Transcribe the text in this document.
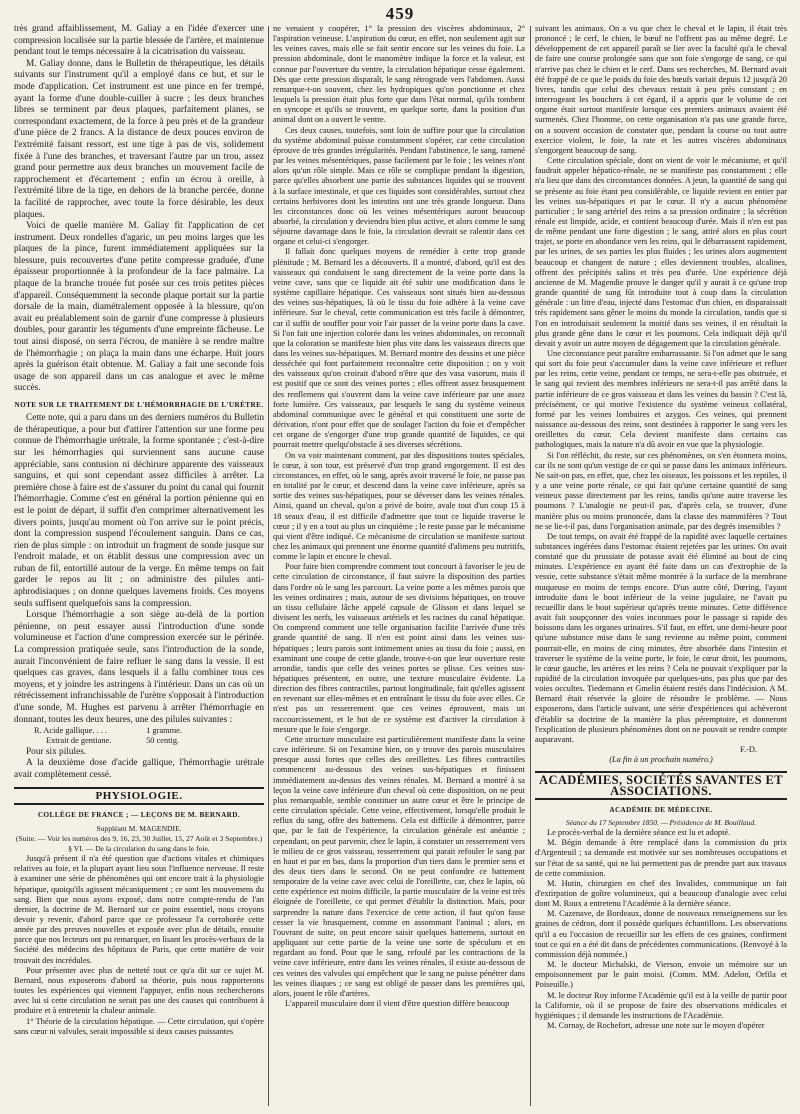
459

très grand affaiblissement, M. Galiay a en l'idée d'exercer une compression localisée sur la partie blessée de l'artère, et maintenue pendant tout le temps nécessaire à la cicatrisation du vaisseau.

M. Galiay donne, dans le Bulletin de thérapeutique, les détails suivants sur l'instrument qu'il a employé dans ce but, et sur le mode d'application. Cet instrument est une pince en fer trempé, ayant la forme d'une double-cuiller à sucre ; les deux branches libres se terminent par deux plaques, parfaitement planes, se correspondant exactement, de la force à peu près et de la grandeur d'une pièce de 2 francs. A la distance de deux pouces environ de l'extrémité faisant ressort, est une tige à pas de vis, solidement fixée à l'une des branches, et traversant l'autre par un trou, assez grand pour permettre aux deux branches un mouvement facile de rapprochement et d'écartement ; enfin un écrou à oreille, à l'extrémité libre de la tige, en dehors de la branche percée, donne la facilité de rapprocher, avec toute la force désirable, les deux plaques.

Voici de quelle manière M. Galiay fit l'application de cet instrument. Deux rondelles d'agaric, un peu moins larges que les plaques de la pince, furent immédiatement appliquées sur la blessure, puis recouvertes d'une petite compresse graduée, d'une épaisseur proportionnée à la profondeur de la face palmaire. La plaque de la branche trouée fut posée sur ces trois petites pièces d'appareil. Conséquemment la seconde plaque portait sur la partie dorsale de la main, diamétralement opposée à la blessure, qu'on avait eu préalablement soin de garnir d'une compresse à plusieurs doubles, pour garantir les téguments d'une empreinte fâcheuse. Le tout ainsi disposé, on serra l'écrou, de manière à se rendre maître de l'hémorrhagie ; on plaça la main dans une écharpe. Huit jours après la guérison était obtenue. M. Galiay a fait une seconde fois usage de son appareil dans un cas analogue et avec le même succès.

NOTE SUR LE TRAITEMENT DE L'HÉMORRHAGIE DE L'URÈTRE.

Cette note, qui a paru dans un des derniers numéros du Bulletin de thérapeutique, a pour but d'attirer l'attention sur une forme peu connue de l'hémorrhagie urétrale, la forme spontanée ; c'est-à-dire sur les hémorrhagies qui surviennent sans aucune cause appréciable, sans contusion ni déchirure apparente des vaisseaux sanguins, et qui sont cependant assez difficiles à arrêter. La première chose à faire est de s'assurer du point du canal qui fournit l'hémorrhagie. Comme c'est en général la portion pénienne qui en est le point de départ, il suffit d'en comprimer alternativement les divers points, jusqu'au moment où l'on arrive sur le point précis, dont la compression suspend l'écoulement sanguin. Dans ce cas, rien de plus simple : on introduit un fragment de sonde jusque sur l'endroit malade, et on établit dessus une compression avec un ruban de fil, entortillé autour de la verge. En même temps on fait garder le repos au lit ; on administre des pilules anti-aphrodisiaques ; on donne quelques lavemens froids. Ces moyens seuls suffisent quelquefois sans la compression.

Lorsque l'hémorrhagie a son siège au-delà de la portion pénienne, on peut essayer aussi l'introduction d'une sonde volumineuse et l'action d'une compression exercée sur le périnée. La compression pratiquée seule, sans l'introduction de la sonde, aurait l'inconvénient de faire refluer le sang dans la vessie. Il est quelques cas graves, dans lesquels il a fallu combiner tous ces moyens, et y joindre les astringens à l'intérieur. Dans un cas où un rétrécissement infranchissable de l'urètre s'opposait à l'introduction d'une sonde, M. Hughes est parvenu à arrêter l'hémorrhagie en donnant, toutes les deux heures, une des pilules suivantes :

R. Acide gallique. . . .	1 gramme.
Extrait de gentiane.	50 centig.

Pour six pilules.

A la deuxième dose d'acide gallique, l'hémorrhagie urétrale avait complètement cessé.

PHYSIOLOGIE.
COLLÈGE DE FRANCE ; — LEÇONS DE M. BERNARD.
Suppléant M. MAGENDIE.
(Suite. — Voir les numéros des 9, 16, 23, 30 Juillet, 15, 27 Août et 3 Septembre.)
§ VI. — De la circulation du sang dans le foie.

Jusqu'à présent il n'a été question que d'actions vitales et chimiques relatives au foie, et la plupart ayant lieu sous l'influence nerveuse. Il reste à examiner une série de phénomènes qui ont encore trait à la physiologie hépatique, quoiqu'ils agissent mécaniquement ; ce sont les mouvemens du sang. Bien que nous ayons exposé, dans notre compte-rendu de l'an dernier, la doctrine de M. Bernard sur ce point essentiel, nous croyons devoir y revenir, d'abord parce que ce professeur l'a corroborée cette année par des preuves nouvelles et exposée avec plus de détails, ensuite parce que nos lecteurs ont pu remarquer, en lisant les procès-verbaux de la Société des médecins des hôpitaux de Paris, que cette matière de voir trouvait des incrédules.

Pour présenter avec plus de netteté tout ce qu'a dit sur ce sujet M. Bernard, nous exposerons d'abord sa théorie, puis nous rapporterons toutes les expériences qui viennent l'appuyer, enfin nous rechercherons avec lui si cette circulation ne serait pas une des causes qui contribuent à produire et à entretenir la chaleur animale.

1° Théorie de la circulation hépatique. — Cette circulation, qui s'opère sans cœur ni valvules, serait impossible si deux causes puissantes

ne venaient y coopérer, 1° la pression des viscères abdominaux, 2° l'aspiration veineuse. L'aspiration du cœur, en effet, non seulement agit sur les veines caves, mais elle se fait sentir encore sur les veines du foie. La pression abdominale, dont le manomètre indique la force et la valeur, est connue par l'ouverture du ventre, la circulation hépatique cesse également. Dès que cette pression disparaît, le sang rétrograde vers l'abdomen. Aussi remarque-t-on souvent, chez les hydropiques qu'on ponctionne et chez lesquels la pression était plus forte que dans l'état normal, qu'ils tombent en syncope et qu'ils se trouvent, en quelque sorte, dans la position d'un animal dont on a ouvert le ventre.

Ces deux causes, toutefois, sont loin de suffire pour que la circulation du système abdominal puisse constamment s'opérer, car cette circulation éprouve de très grandes irrégularités. Pendant l'abstinence, le sang, ramené par les veines mésentériques, passe facilement par le foie ; les veines n'ont alors qu'un rôle simple. Mais ce rôle se complique pendant la digestion, parce qu'elles absorbent une partie des substances liquides qui se trouvent à la surface intestinale, et que ces liquides sont considérables, surtout chez certains herbivores dont les intestins ont une très grande longueur. Dans les circonstances donc où les veines mésentériques auront beaucoup absorbé, la circulation y deviendra bien plus active, et alors comme le sang séjourne davantage dans le foie, la circulation devrait se ralentir dans cet organe et celui-ci s'engorger.

Il fallait donc quelques moyens de remédier à cette trop grande plénitude ; M. Bernard les a découverts. Il a montré, d'abord, qu'il est des vaisseaux qui conduisent le sang directement de la veine porte dans la veine cave, sans que ce liquide ait été subir une modification dans le système capillaire hépatique. Ces vaisseaux sont situés bien au-dessous des veines sus-hépatiques, là où le tissu du foie adhère à la veine cave inférieure. Sur le cheval, cette communication est très facile à démontrer, car il suffit de souffler pour voir l'air passer de la veine porte dans la cave. Si l'on fait une injection colorée dans les veines abdominales, on reconnaît que la coloration se manifeste bien plus vite dans les vaisseaux directs que dans les veines sus-hépatiques. M. Bernard montre des dessins et une pièce desséchée qui font parfaitement reconnaître cette disposition ; on y voit des vaisseaux qu'on croirait d'abord n'être que des vasa vasorum, mais il est positif que ce sont des veines portes ; elles offrent assez brusquement des renflemens qui s'ouvrent dans la veine cave inférieure par une assez forte lumière. Ces vaisseaux, par lesquels le sang du système veineux abdominal communique avec le général et qui constituent une sorte de dérivation, n'ont pour effet que de soulager l'action du foie et d'empêcher cet organe de s'engorger d'une trop grande quantité de liquides, ce qui pourrait mettre quelqu'obstacle à ses diverses sécrétions.

On va voir maintenant comment, par des dispositions toutes spéciales, le cœur, à son tour, est préservé d'un trop grand engorgement. Il est des circonstances, en effet, où le sang, après avoir traversé le foie, ne passe pas en totalité par le cœur, et descend dans la veine cave inférieure, après sa sortie des veines sus-hépatiques, pour se déverser dans les veines rénales. Ainsi, quand un cheval, qu'on a privé de boire, avale tout d'un coup 15 à 18 seaux d'eau, il est difficile d'admettre que tout ce liquide traverse le cœur ; il y en a tout au plus un cinquième ; le reste passe par le mécanisme qui vient d'être indiqué. Ce mécanisme de circulation se manifeste surtout chez les animaux qui prennent une énorme quantité d'alimens peu nutritifs, comme le lapin et encore le cheval.

Pour faire bien comprendre comment tout concourt à favoriser le jeu de cette circulation de circonstance, il faut suivre la disposition des parties dans l'ordre où le sang les parcourt. La veine porte a les mêmes parois que les veines ordinaires ; mais, autour de ses divisions hépatiques, on trouve un tissu cellulaire lâche appelé capsule de Glisson et dans lequel se divisent les nerfs, les vaisseaux artériels et les racines du canal hépatique. On comprend comment une telle organisation facilite l'arrivée d'une très grande quantité de sang. Il n'en est point ainsi dans les veines sus-hépatiques ; leurs parois sont intimement unies au tissu du foie ; aussi, en examinant une coupe de cette glande, trouve-t-on que leur ouverture reste arrondie, tandis que celle des veines portes se plisse. Ces veines sus-hépatiques présentent, en outre, une texture musculaire évidente. La direction des fibres contractiles, partout longitudinale, fait qu'elles agissent en revenant sur elles-mêmes et en entraînant le tissu du foie avec elles. Ce n'est pas un resserrement que ces veines éprouvent, mais un raccourcissement, et le but de ce système est d'activer la circulation à mesure que le foie s'engorge.

Cette structure musculaire est particulièrement manifeste dans la veine cave inférieure. Si on l'examine bien, on y trouve des parois musculaires presque aussi fortes que celles des oreillettes. Les fibres contractiles commencent au-dessous des veines sus-hépatiques et finissent immédiatement au-dessus des veines rénales. M. Bernard a montré à sa leçon la veine cave inférieure d'un cheval où cette disposition, on ne peut plus remarquable, semble constituer un autre cœur et être le principe de cette circulation spéciale. Cette veine, effectivement, lorsqu'elle produit le reflux du sang, offre des battemens. Cela est difficile à démontrer, parce que, par le fait de l'expérience, la circulation générale est anéantie ; cependant, on peut parvenir, chez le lapin, à constater un resserrement vers le milieu de ce gros vaisseau, resserrement qui parait refouler le sang par en haut et par en bas, dans la proportion d'un tiers dans le premier sens et des deux tiers dans le second. On ne peut confondre ce battement temporaire de la veine cave avec celui de l'oreillette, car, chez le lapin, où cette expérience est moins difficile, la partie musculaire de la veine est très éloignée de l'oreillette, ce qui permet d'établir la distinction. Mais, pour surprendre la nature dans l'exercice de cette action, il faut qu'on fasse cesser la vie brusquement, comme en assommant l'animal ; alors, en l'ouvrant de suite, on peut encore saisir quelques battemens, surtout en appliquant sur cette partie de la veine une sorte de spéculum et en regardant au fond. Pour que le sang, refoulé par les contractions de la veine cave inférieure, entre dans les veines rénales, il existe au-dessous de ces veines des valvules qui empêchent que le sang ne puisse pénétrer dans les veines iliaques ; ce sang est obligé de passer dans les premières qui, alors, jouent le rôle d'artères.

L'appareil musculaire dont il vient d'être question diffère beaucoup

suivant les animaux. On a vu que chez le cheval et le lapin, il était très prononcé ; le cerf, le chien, le bœuf ne l'offrent pas au même degré. Le développement de cet appareil paraît se lier avec la faculté qu'a le cheval de faire une course prolongée sans que son foie s'engorge de sang, ce qui n'arrive pas chez le chien et le cerf. Dans ses recherches, M. Bernard avait été frappé de ce que le poids du foie des bœufs variait depuis 12 jusqu'à 20 livres, tandis que celui des chevaux restait à peu près constant ; en interrogeant les bouchers à cet égard, il a appris que le volume de cet organe était surtout manifeste lorsque ces premiers animaux avaient été surmenés. Chez l'homme, on cette organisation n'a pas une grande force, on a souvent occasion de constater que, pendant la course ou tout autre exercice violent, le foie, la rate et les autres viscères abdominaux s'engorgent beaucoup de sang.

Cette circulation spéciale, dont on vient de voir le mécanisme, et qu'il faudrait appeler hépatico-rénale, ne se manifeste pas constamment ; elle n'a lieu que dans des circonstances données. A jeun, la quantité de sang qui se présente au foie étant peu considérable, ce liquide revient en entier par les veines sus-hépatiques et par le cœur. Il n'y a aucun phénomène particulier ; le sang artériel des reins a sa pression ordinaire ; la sécrétion rénale est limpide, acide, et contient beaucoup d'urée. Mais il n'en est pas de même pendant une forte digestion ; le sang, attiré alors en plus court trajet, se porte en abondance vers les reins, qui le débarrassent rapidement, par les urines, de ses parties les plus fluides ; les urines alors augmentent beaucoup et changent de nature ; elles deviennent troubles, alcalines, offrent des précipités salins et très peu d'urée. Une expérience déjà ancienne de M. Magendie prouve le danger qu'il y aurait à ce qu'une trop grande quantité de sang fût introduite tout à coup dans la circulation générale : un litre d'eau, injecté dans l'estomac d'un chien, en disparaissait très rapidement sans gêner le moins du monde la circulation, tandis que si l'on en introduisait seulement la moitié dans ses veines, il en résultait la plus grande gêne dans le cœur et les poumons. Cela indiquait déjà qu'il devait y avoir un autre moyen de dégagement que la circulation générale.

Une circonstance peut paraître embarrassante. Si l'on admet que le sang qui sort du foie peut s'accumuler dans la veine cave inférieure et refluer par les reins, cette veine, pendant ce temps, ne sera-t-elle pas obstruée, et le sang qui revient des membres inférieurs ne sera-t-il pas arrêté dans la partie inférieure de ce gros vaisseau et dans les veines du bassin ? C'est là, précisément, ce qui motive l'existence du système veineux collatéral, formé par les veines lombaires et azygos. Ces veines, qui prennent naissance au-dessous des reins, sont destinées à rapporter le sang vers les oreillettes du cœur. Cela devient manifeste dans certains cas pathologiques, mais la nature n'a dû avoir en vue que la physiologie.

Si l'on réfléchit, du reste, sur ces phénomènes, on s'en étonnera moins, car ils ne sont qu'un vestige de ce qui se passe dans les animaux inférieurs. Ne sait-on pas, en effet, que, chez les oiseaux, les poissons et les reptiles, il y a une veine porte rénale, ce qui fait qu'une certaine quantité de sang veineux passe directement par les reins, tandis qu'une autre traverse les poumons ? L'analogie ne peut-il pas, d'après cela, se trouver, d'une manière plus ou moins prononcée, dans la classe des mammifères ? Tout ne se lie-t-il pas, dans l'organisation animale, par des degrés insensibles ?

De tout temps, on avait été frappé de la rapidité avec laquelle certaines substances ingérées dans l'estomac étaient rejetées par les urines. On avait constaté que du prussiate de potasse avait été éliminé au bout de cinq minutes. L'expérience en ayant été faite dans un cas d'extrophie de la vessie, cette substance s'était même montrée à la surface de la membrane muqueuse en moins de temps encore. D'un autre côté, Dœring, l'ayant introduite dans le bout inférieur de la veine jugulaire, ne l'avait pu recueillir dans le bout supérieur qu'après trente minutes. Cette différence avait fait soupçonner des voies inconnues pour le passage si rapide des boissons dans les organes urinaires. S'il faut, en effet, une demi-heure pour qu'une substance mise dans le sang revienne au même point, comment pourrait-elle, en moins de cinq minutes, être absorbée dans l'intestin et traverser le système de la veine porte, le foie, le cœur droit, les poumons, le cœur gauche, les artères et les reins ? Cela ne pouvait s'expliquer par la rapidité de la circulation invoquée par quelques-uns, pas plus que par des voies occultes. Tiedemann et Gmelin étaient restés dans l'indécision. A M. Bernard était réservée la gloire de résoudre le problème. — Nous exposerons, dans l'article suivant, une série d'expériences qui achèveront d'établir sa doctrine de la manière la plus péremptoire, et donneront l'explication de plusieurs phénomènes dont on ne pouvait se rendre compte auparavant.

F.-D.
(La fin à un prochain numéro.)
ACADÉMIES, SOCIÉTÉS SAVANTES ET ASSOCIATIONS.
ACADÉMIE DE MÉDECINE.
Séance du 17 Septembre 1850. — Présidence de M. Bouillaud.

Le procès-verbal de la dernière séance est lu et adopté.

M. Bégin demande à être remplacé dans la commission du prix d'Argenteuil ; sa demande est motivée sur ses nombreuses occupations et sur l'état de sa santé, qui ne lui permettent pas de prendre part aux travaux de cette commission.

M. Hutin, chirurgien en chef des Invalides, communique un fait d'extirpation de goître volumineux, qui a beaucoup d'analogie avec celui dont M. Roux a entretenu l'Académie à la dernière séance.

M. Cazenave, de Bordeaux, donne de nouveaux renseignemens sur les graines de cédron, dont il possède quelques échantillons. Les observations qu'il a eu l'occasion de recueillir sur les effets de ces graines, confirment tout ce qui en a été dit dans de précédentes communications. (Renvoyé à la commission déjà nommée.)

M. le docteur Michalski, de Vierson, envoie un mémoire sur un empoisonnement par le pain moisi. (Comm. MM. Adelon, Orfila et Poiseuille.)

M. le docteur Roy informe l'Académie qu'il est à la veille de partir pour la Californie, où il se propose de faire des observations médicales et hygiéniques ; il demande les instructions de l'Académie.

M. Cornay, de Rochefort, adresse une note sur le moyen d'opérer
